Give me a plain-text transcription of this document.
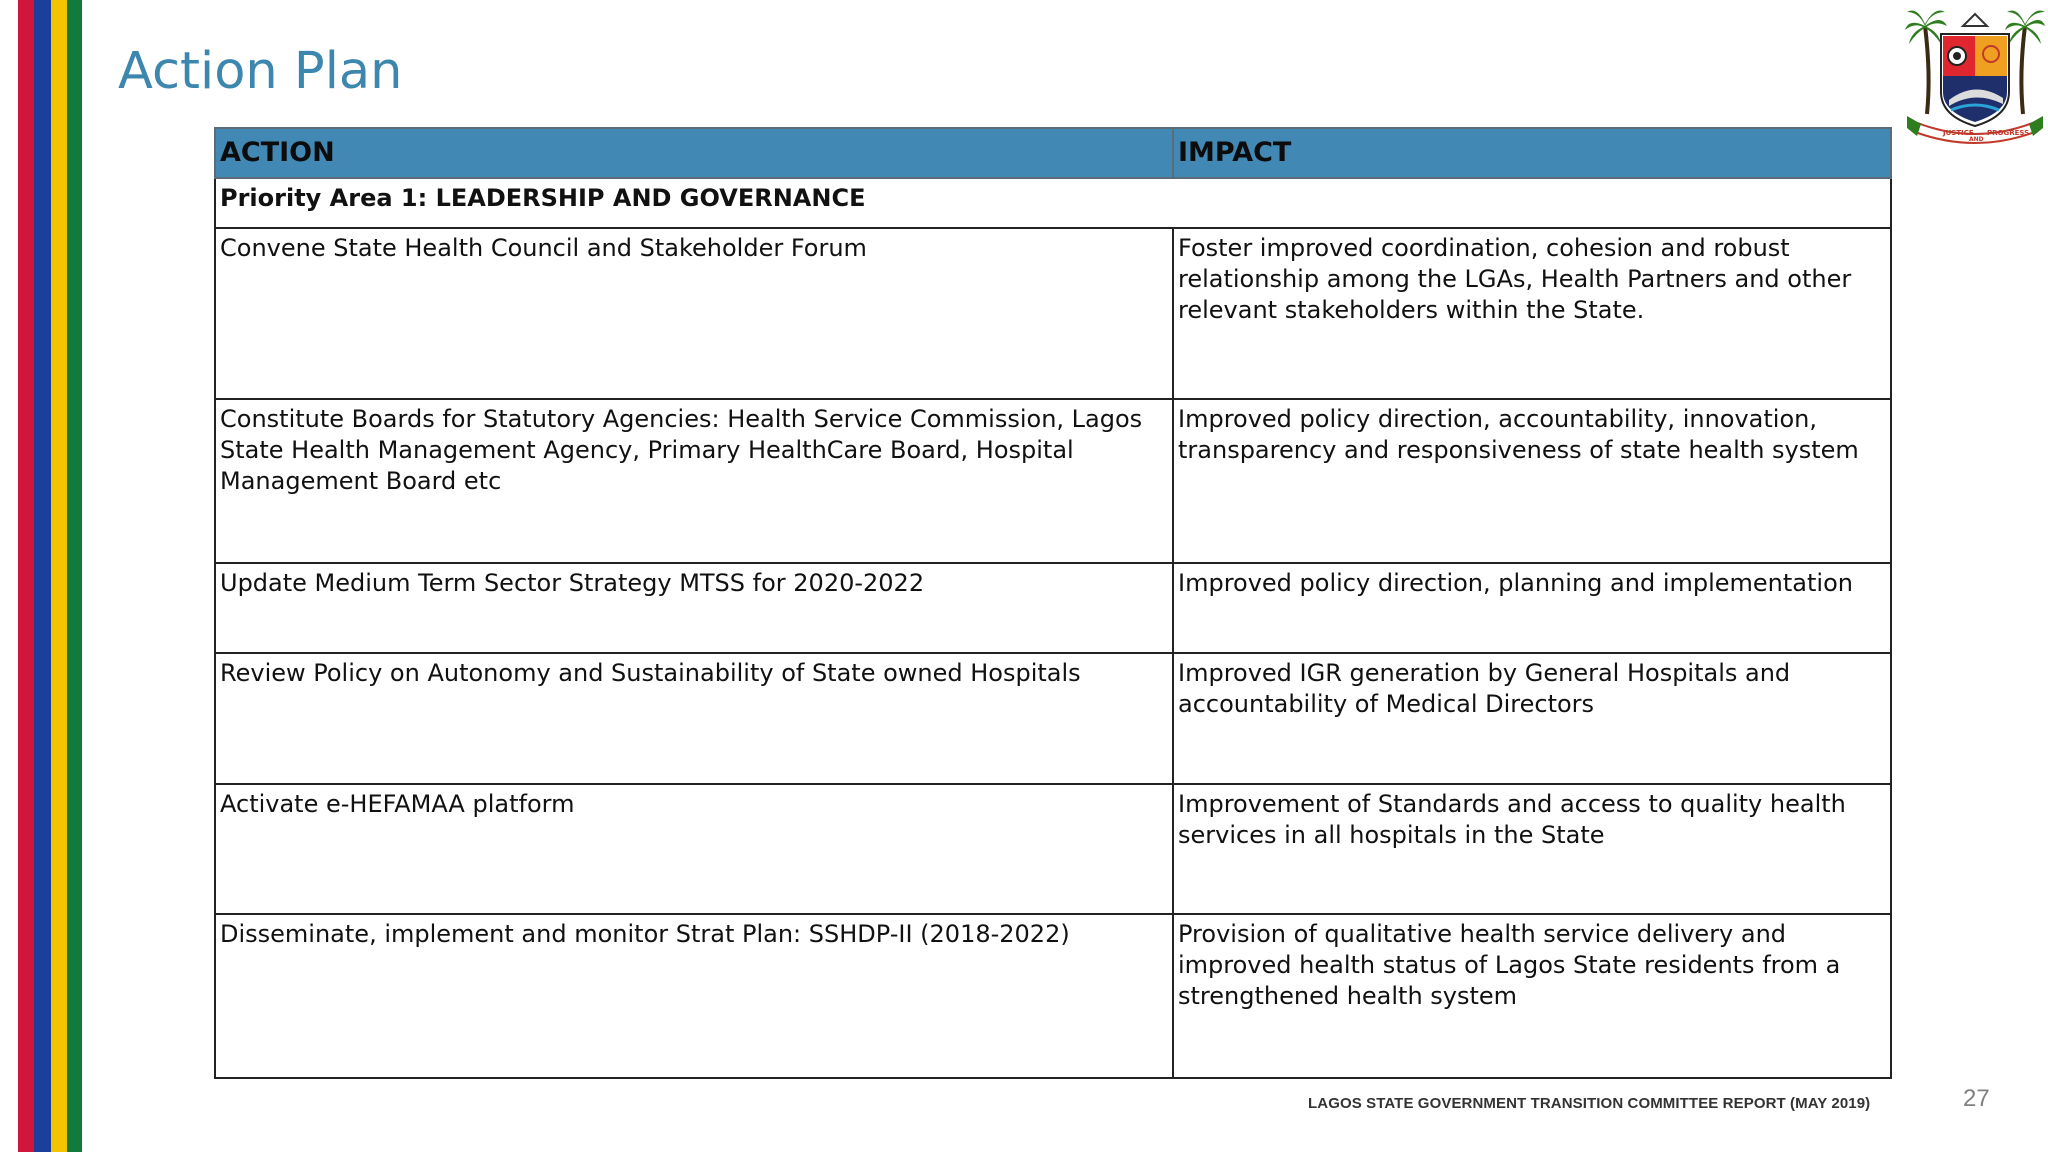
Action Plan
JUSTICE
AND
PROGRESS
ACTION	IMPACT
Priority Area 1: LEADERSHIP AND GOVERNANCE	
Convene State Health Council and Stakeholder Forum	Foster improved coordination, cohesion and robust relationship among the LGAs, Health Partners and other relevant stakeholders within the State.
Constitute Boards for Statutory Agencies: Health Service Commission, Lagos State Health Management Agency, Primary HealthCare Board, Hospital Management Board etc	Improved policy direction, accountability, innovation, transparency and responsiveness of state health system
Update Medium Term Sector Strategy MTSS for 2020-2022	Improved policy direction, planning and implementation
Review Policy on Autonomy and Sustainability of State owned Hospitals	Improved IGR generation by General Hospitals and accountability of Medical Directors
Activate e-HEFAMAA platform	Improvement of Standards and access to quality health services in all hospitals in the State
Disseminate, implement and monitor Strat Plan: SSHDP-II (2018-2022)	Provision of qualitative health service delivery and improved health status of Lagos State residents from a strengthened health system
LAGOS STATE GOVERNMENT TRANSITION COMMITTEE REPORT (MAY 2019)	27
